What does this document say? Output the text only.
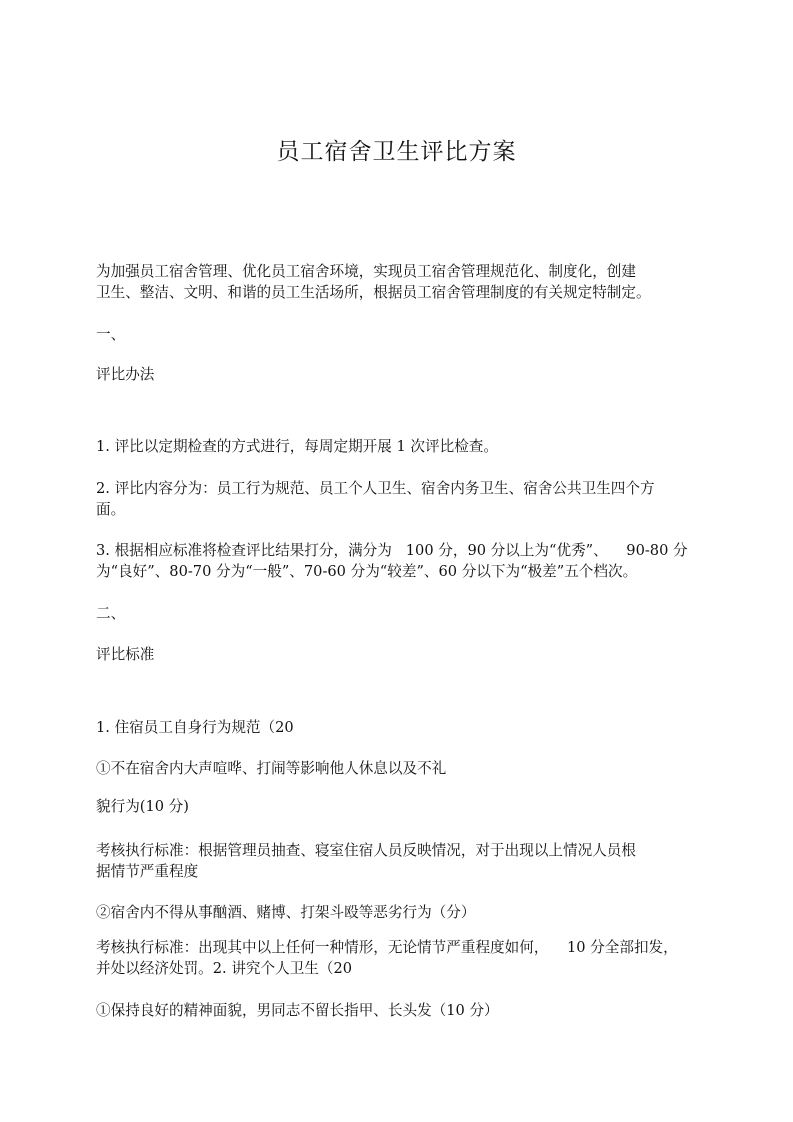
员工宿舍卫生评比方案

为加强员工宿舍管理、优化员工宿舍环境，实现员工宿舍管理规范化、制度化，创建
卫生、整洁、文明、和谐的员工生活场所，根据员工宿舍管理制度的有关规定特制定。

一、

评比办法

1. 评比以定期检查的方式进行，每周定期开展 1 次评比检查。

2. 评比内容分为：员工行为规范、员工个人卫生、宿舍内务卫生、宿舍公共卫生四个方
面。

3. 根据相应标准将检查评比结果打分，满分为   100 分，90 分以上为“优秀”、    90-80 分
为“良好”、80-70 分为“一般”、70-60 分为“较差”、60 分以下为“极差”五个档次。

二、

评比标准

1. 住宿员工自身行为规范（20

①不在宿舍内大声喧哗、打闹等影响他人休息以及不礼

貌行为(10 分)

考核执行标准：根据管理员抽查、寝室住宿人员反映情况，对于出现以上情况人员根
据情节严重程度

②宿舍内不得从事酗酒、赌博、打架斗殴等恶劣行为（分）

考核执行标准：出现其中以上任何一种情形，无论情节严重程度如何，    10 分全部扣发，
并处以经济处罚。2. 讲究个人卫生（20

①保持良好的精神面貌，男同志不留长指甲、长头发（10 分）
